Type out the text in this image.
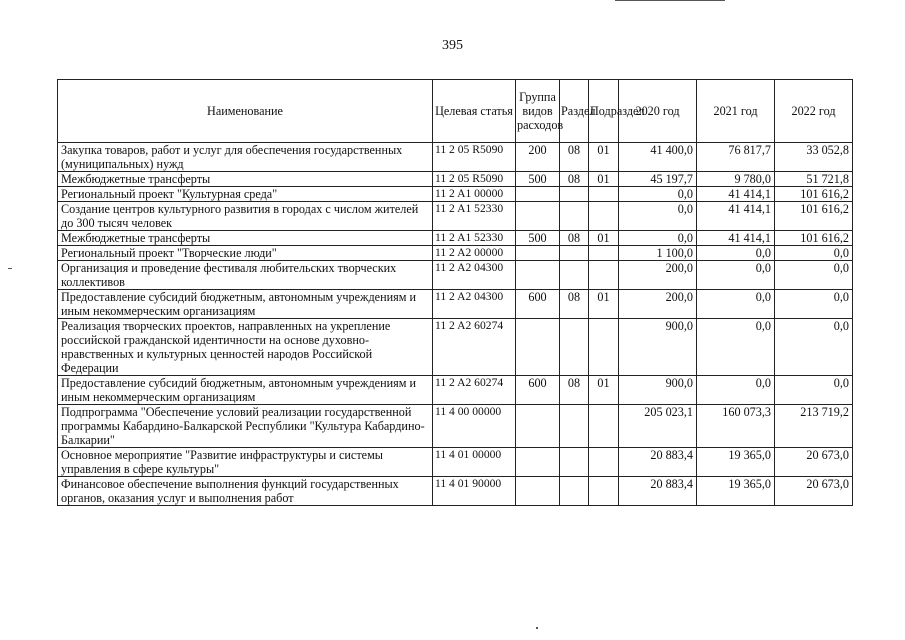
395
Наименование	Целевая статья	Группа видов расходов	Раздел	Подраздел	2020 год	2021 год	2022 год
Закупка товаров, работ и услуг для обеспечения государственных (муниципальных) нужд	11 2 05 R5090	200	08	01	41 400,0	76 817,7	33 052,8
Межбюджетные трансферты	11 2 05 R5090	500	08	01	45 197,7	9 780,0	51 721,8
Региональный проект "Культурная среда"	11 2 A1 00000				0,0	41 414,1	101 616,2
Создание центров культурного развития в городах с числом жителей до 300 тысяч человек	11 2 A1 52330				0,0	41 414,1	101 616,2
Межбюджетные трансферты	11 2 A1 52330	500	08	01	0,0	41 414,1	101 616,2
Региональный проект "Творческие люди"	11 2 A2 00000				1 100,0	0,0	0,0
Организация и проведение фестиваля любительских творческих коллективов	11 2 A2 04300				200,0	0,0	0,0
Предоставление субсидий бюджетным, автономным учреждениям и иным некоммерческим организациям	11 2 A2 04300	600	08	01	200,0	0,0	0,0
Реализация творческих проектов, направленных на укрепление российской гражданской идентичности на основе духовно-нравственных и культурных ценностей народов Российской Федерации	11 2 A2 60274				900,0	0,0	0,0
Предоставление субсидий бюджетным, автономным учреждениям и иным некоммерческим организациям	11 2 A2 60274	600	08	01	900,0	0,0	0,0
Подпрограмма "Обеспечение условий реализации государственной программы Кабардино-Балкарской Республики "Культура Кабардино-Балкарии"	11 4 00 00000				205 023,1	160 073,3	213 719,2
Основное мероприятие "Развитие инфраструктуры и системы управления в сфере культуры"	11 4 01 00000				20 883,4	19 365,0	20 673,0
Финансовое обеспечение выполнения функций государственных органов, оказания услуг и выполнения работ	11 4 01 90000				20 883,4	19 365,0	20 673,0
